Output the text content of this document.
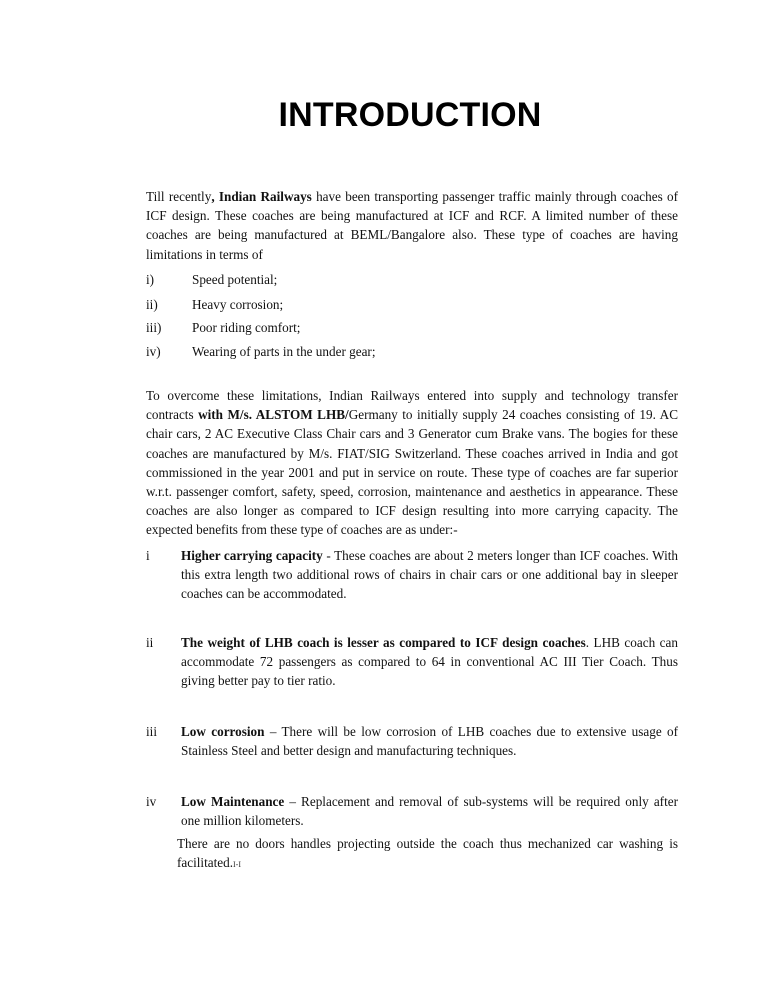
INTRODUCTION

Till recently, Indian Railways have been transporting passenger traffic mainly through coaches of ICF design. These coaches are being manufactured at ICF and RCF. A limited number of these coaches are being manufactured at BEML/Bangalore also. These type of coaches are having limitations in terms of

i)	Speed potential;
ii)	Heavy corrosion;
iii) Poor riding comfort;
iv) Wearing of parts in the under gear;

To overcome these limitations, Indian Railways entered into supply and technology transfer contracts with M/s. ALSTOM LHB/Germany to initially supply 24 coaches consisting of 19. AC chair cars, 2 AC Executive Class Chair cars and 3 Generator cum Brake vans. The bogies for these coaches are manufactured by M/s. FIAT/SIG Switzerland. These coaches arrived in India and got commissioned in the year 2001 and put in service on route. These type of coaches are far superior w.r.t. passenger comfort, safety, speed, corrosion, maintenance and aesthetics in appearance. These coaches are also longer as compared to ICF design resulting into more carrying capacity. The expected benefits from these type of coaches are as under:-

i Higher carrying capacity - These coaches are about 2 meters longer than ICF coaches. With this extra length two additional rows of chairs in chair cars or one additional bay in sleeper coaches can be accommodated.
ii The weight of LHB coach is lesser as compared to ICF design coaches. LHB coach can accommodate 72 passengers as compared to 64 in conventional AC III Tier Coach. Thus giving better pay to tier ratio.
iii Low corrosion – There will be low corrosion of LHB coaches due to extensive usage of Stainless Steel and better design and manufacturing techniques.
iv Low Maintenance – Replacement and removal of sub-systems will be required only after one million kilometers.
There are no doors handles projecting outside the coach thus mechanized car washing is facilitated.I-I
